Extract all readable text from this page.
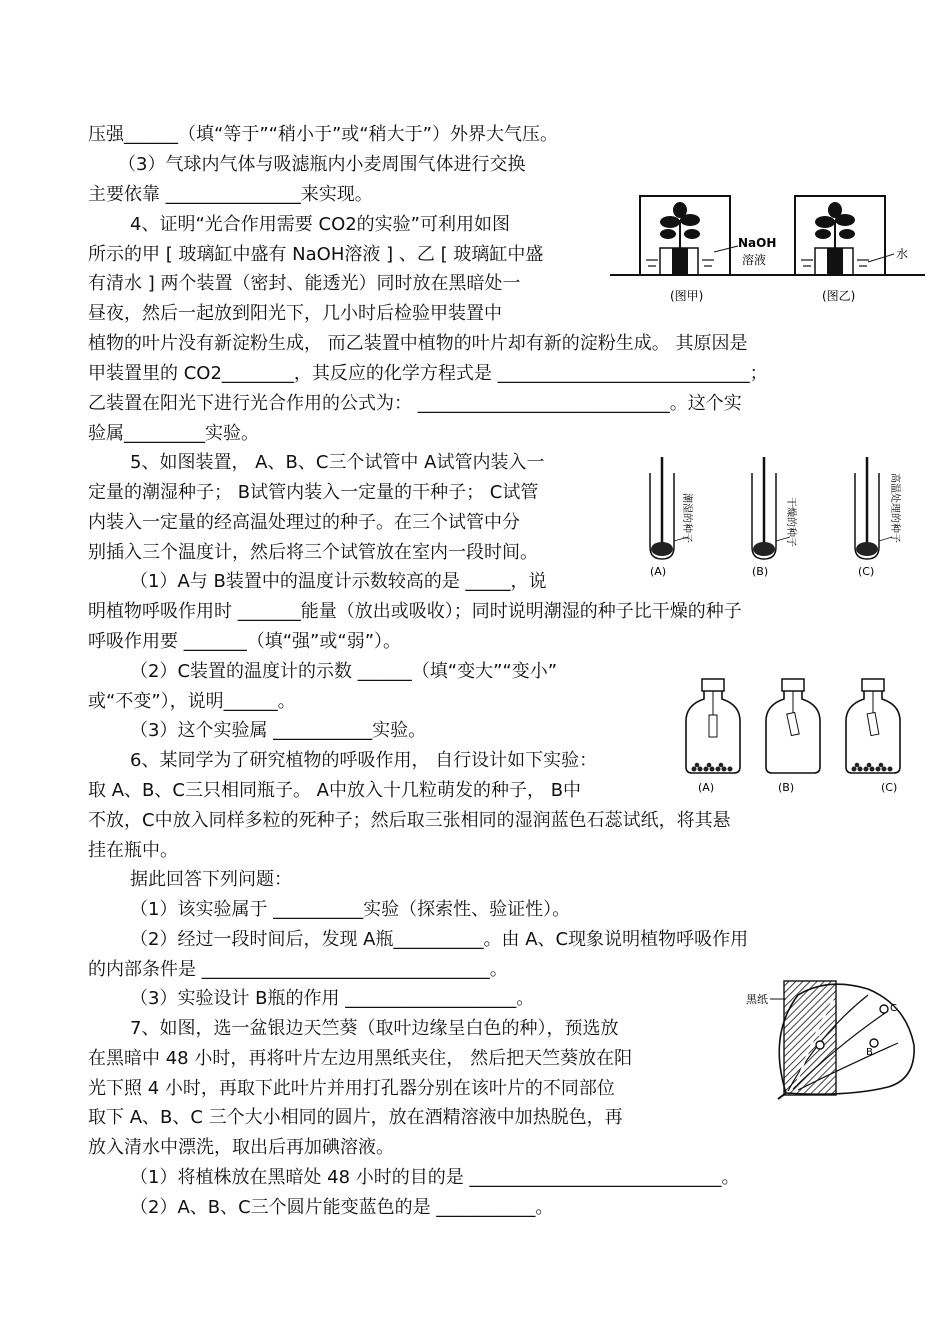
压强______（填“等于”“稍小于”或“稍大于”）外界大气压。
（3）气球内气体与吸滤瓶内小麦周围气体进行交换
主要依靠 _______________来实现。
4、证明“光合作用需要 CO2的实验”可利用如图
所示的甲 [ 玻璃缸中盛有 NaOH溶液 ] 、乙 [ 玻璃缸中盛
有清水 ] 两个装置（密封、能透光）同时放在黑暗处一
昼夜，然后一起放到阳光下，几小时后检验甲装置中
植物的叶片没有新淀粉生成， 而乙装置中植物的叶片却有新的淀粉生成。 其原因是
甲装置里的 CO2________，其反应的化学方程式是 ____________________________；
乙装置在阳光下进行光合作用的公式为： ____________________________。这个实
验属_________实验。
5、如图装置， A、B、C三个试管中 A试管内装入一
定量的潮湿种子； B试管内装入一定量的干种子； C试管
内装入一定量的经高温处理过的种子。在三个试管中分
别插入三个温度计，然后将三个试管放在室内一段时间。
（1）A与 B装置中的温度计示数较高的是 _____，说
明植物呼吸作用时 _______能量（放出或吸收）；同时说明潮湿的种子比干燥的种子
呼吸作用要 _______（填“强”或“弱”）。
（2）C装置的温度计的示数 ______（填“变大”“变小”
或“不变”），说明______。
（3）这个实验属 ___________实验。
6、某同学为了研究植物的呼吸作用， 自行设计如下实验：
取 A、B、C三只相同瓶子。 A中放入十几粒萌发的种子， B中
不放，C中放入同样多粒的死种子；然后取三张相同的湿润蓝色石蕊试纸，将其悬
挂在瓶中。
据此回答下列问题：
（1）该实验属于 __________实验（探索性、验证性）。
（2）经过一段时间后，发现 A瓶__________。由 A、C现象说明植物呼吸作用
的内部条件是 ________________________________。
（3）实验设计 B瓶的作用 ___________________。
7、如图，选一盆银边天竺葵（取叶边缘呈白色的种），预选放
在黑暗中 48 小时，再将叶片左边用黑纸夹住， 然后把天竺葵放在阳
光下照 4 小时，再取下此叶片并用打孔器分别在该叶片的不同部位
取下 A、B、C 三个大小相同的圆片，放在酒精溶液中加热脱色，再
放入清水中漂洗，取出后再加碘溶液。
（1）将植株放在黑暗处 48 小时的目的是 ____________________________。
（2）A、B、C三个圆片能变蓝色的是 ___________。
NaOH
溶液
(图甲)
水
(图乙)
潮湿的种子
(A)
干燥的种子
(B)
高温处理的种子
(C)
(A)	(B)	(C)
黑纸
A
B
C
